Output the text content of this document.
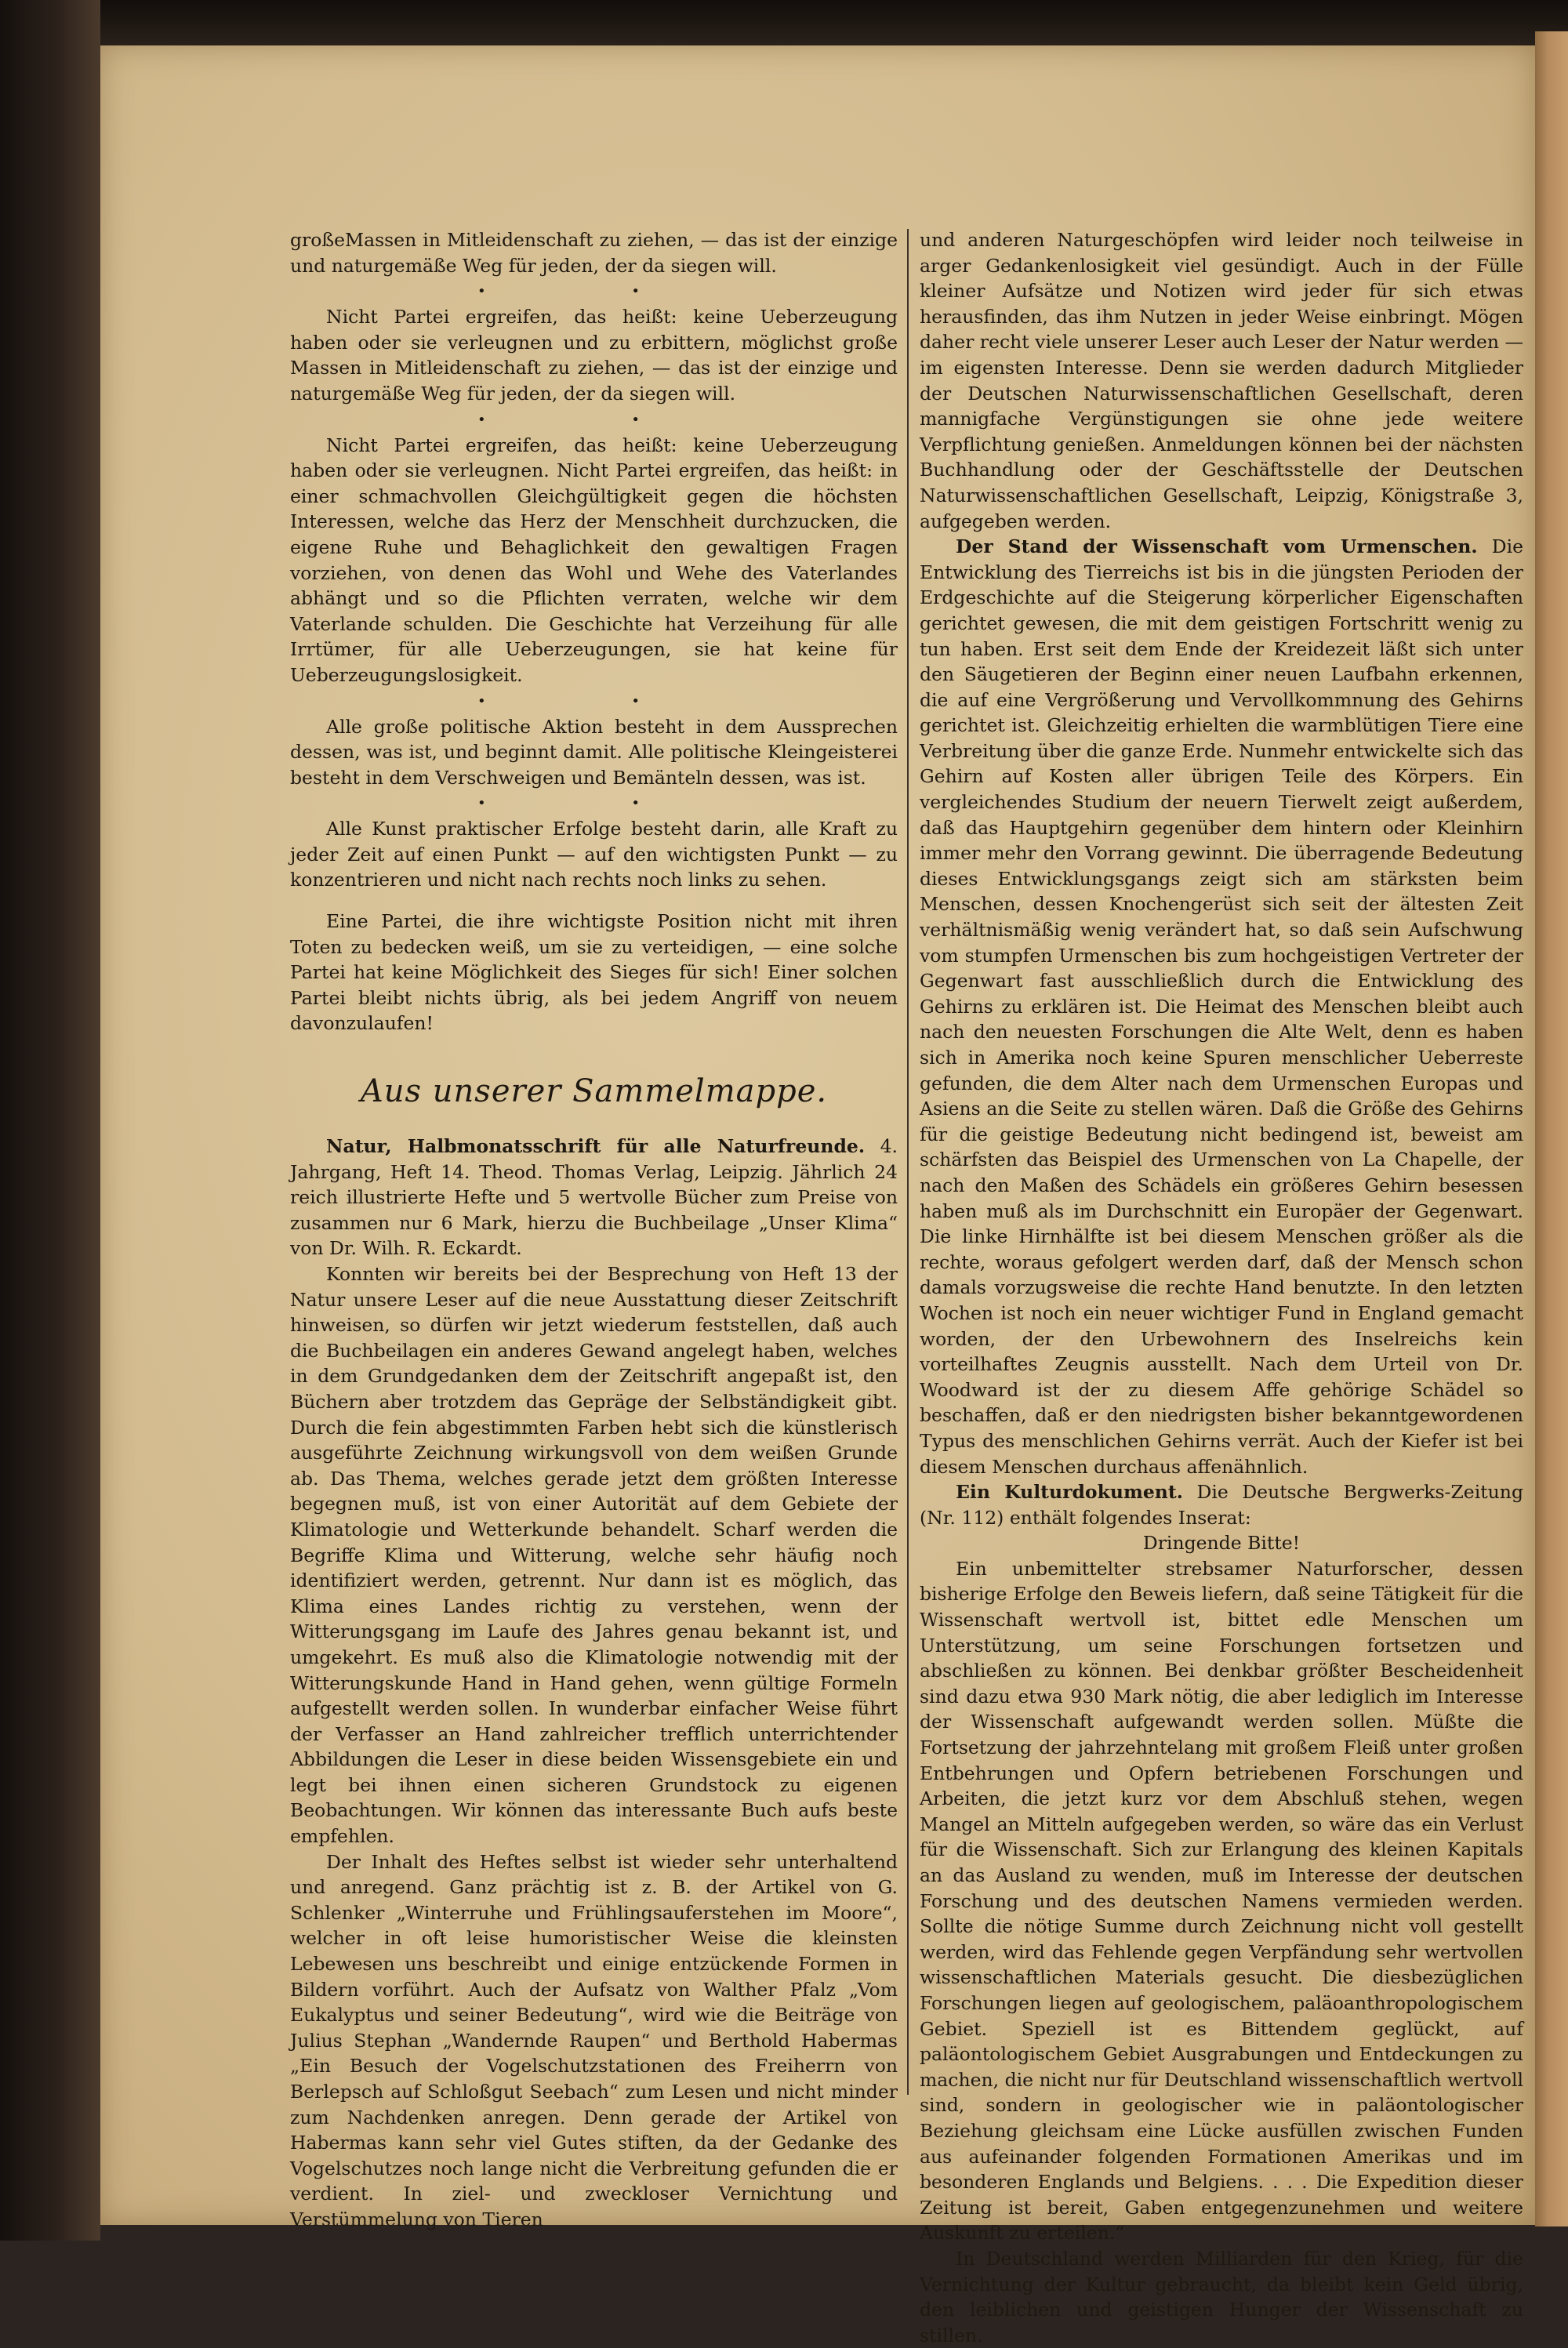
großeMassen in Mitleidenschaft zu ziehen, — das ist der einzige und naturgemäße Weg für jeden, der da siegen will.

• •

Nicht Partei ergreifen, das heißt: keine Ueberzeugung haben oder sie verleugnen und zu erbittern, möglichst große Massen in Mitleidenschaft zu ziehen, — das ist der einzige und naturgemäße Weg für jeden, der da siegen will.

• •

Nicht Partei ergreifen, das heißt: keine Ueberzeugung haben oder sie verleugnen. Nicht Partei ergreifen, das heißt: in einer schmachvollen Gleichgültigkeit gegen die höchsten Interessen, welche das Herz der Menschheit durchzucken, die eigene Ruhe und Behaglichkeit den gewaltigen Fragen vorziehen, von denen das Wohl und Wehe des Vaterlandes abhängt und so die Pflichten verraten, welche wir dem Vaterlande schulden. Die Geschichte hat Verzeihung für alle Irrtümer, für alle Ueberzeugungen, sie hat keine für Ueberzeugungslosigkeit.

• •

Alle große politische Aktion besteht in dem Aussprechen dessen, was ist, und beginnt damit. Alle politische Kleingeisterei besteht in dem Verschweigen und Bemänteln dessen, was ist.

• •

Alle Kunst praktischer Erfolge besteht darin, alle Kraft zu jeder Zeit auf einen Punkt — auf den wichtigsten Punkt — zu konzentrieren und nicht nach rechts noch links zu sehen.

Eine Partei, die ihre wichtigste Position nicht mit ihren Toten zu bedecken weiß, um sie zu verteidigen, — eine solche Partei hat keine Möglichkeit des Sieges für sich! Einer solchen Partei bleibt nichts übrig, als bei jedem Angriff von neuem davonzulaufen!

Aus unserer Sammelmappe.

Natur, Halbmonatsschrift für alle Naturfreunde. 4. Jahrgang, Heft 14. Theod. Thomas Verlag, Leipzig. Jährlich 24 reich illustrierte Hefte und 5 wertvolle Bücher zum Preise von zusammen nur 6 Mark, hierzu die Buchbeilage „Unser Klima“ von Dr. Wilh. R. Eckardt.

Konnten wir bereits bei der Besprechung von Heft 13 der Natur unsere Leser auf die neue Ausstattung dieser Zeitschrift hinweisen, so dürfen wir jetzt wiederum feststellen, daß auch die Buchbeilagen ein anderes Gewand angelegt haben, welches in dem Grundgedanken dem der Zeitschrift angepaßt ist, den Büchern aber trotzdem das Gepräge der Selbständigkeit gibt. Durch die fein abgestimmten Farben hebt sich die künstlerisch ausgeführte Zeichnung wirkungsvoll von dem weißen Grunde ab. Das Thema, welches gerade jetzt dem größten Interesse begegnen muß, ist von einer Autorität auf dem Gebiete der Klimatologie und Wetterkunde behandelt. Scharf werden die Begriffe Klima und Witterung, welche sehr häufig noch identifiziert werden, getrennt. Nur dann ist es möglich, das Klima eines Landes richtig zu verstehen, wenn der Witterungsgang im Laufe des Jahres genau bekannt ist, und umgekehrt. Es muß also die Klimatologie notwendig mit der Witterungskunde Hand in Hand gehen, wenn gültige Formeln aufgestellt werden sollen. In wunderbar einfacher Weise führt der Verfasser an Hand zahlreicher trefflich unterrichtender Abbildungen die Leser in diese beiden Wissensgebiete ein und legt bei ihnen einen sicheren Grundstock zu eigenen Beobachtungen. Wir können das interessante Buch aufs beste empfehlen.

Der Inhalt des Heftes selbst ist wieder sehr unterhaltend und anregend. Ganz prächtig ist z. B. der Artikel von G. Schlenker „Winterruhe und Frühlingsauferstehen im Moore“, welcher in oft leise humoristischer Weise die kleinsten Lebewesen uns beschreibt und einige entzückende Formen in Bildern vorführt. Auch der Aufsatz von Walther Pfalz „Vom Eukalyptus und seiner Bedeutung“, wird wie die Beiträge von Julius Stephan „Wandernde Raupen“ und Berthold Habermas „Ein Besuch der Vogelschutzstationen des Freiherrn von Berlepsch auf Schloßgut Seebach“ zum Lesen und nicht minder zum Nachdenken anregen. Denn gerade der Artikel von Habermas kann sehr viel Gutes stiften, da der Gedanke des Vogelschutzes noch lange nicht die Verbreitung gefunden die er verdient. In ziel- und zweckloser Vernichtung und Verstümmelung von Tieren

und anderen Naturgeschöpfen wird leider noch teilweise in arger Gedankenlosigkeit viel gesündigt. Auch in der Fülle kleiner Aufsätze und Notizen wird jeder für sich etwas herausfinden, das ihm Nutzen in jeder Weise einbringt. Mögen daher recht viele unserer Leser auch Leser der Natur werden — im eigensten Interesse. Denn sie werden dadurch Mitglieder der Deutschen Naturwissenschaftlichen Gesellschaft, deren mannigfache Vergünstigungen sie ohne jede weitere Verpflichtung genießen. Anmeldungen können bei der nächsten Buchhandlung oder der Geschäftsstelle der Deutschen Naturwissenschaftlichen Gesellschaft, Leipzig, Königstraße 3, aufgegeben werden.

Der Stand der Wissenschaft vom Urmenschen. Die Entwicklung des Tierreichs ist bis in die jüngsten Perioden der Erdgeschichte auf die Steigerung körperlicher Eigenschaften gerichtet gewesen, die mit dem geistigen Fortschritt wenig zu tun haben. Erst seit dem Ende der Kreidezeit läßt sich unter den Säugetieren der Beginn einer neuen Laufbahn erkennen, die auf eine Vergrößerung und Vervollkommnung des Gehirns gerichtet ist. Gleichzeitig erhielten die warmblütigen Tiere eine Verbreitung über die ganze Erde. Nunmehr entwickelte sich das Gehirn auf Kosten aller übrigen Teile des Körpers. Ein vergleichendes Studium der neuern Tierwelt zeigt außerdem, daß das Hauptgehirn gegenüber dem hintern oder Kleinhirn immer mehr den Vorrang gewinnt. Die überragende Bedeutung dieses Entwicklungsgangs zeigt sich am stärksten beim Menschen, dessen Knochengerüst sich seit der ältesten Zeit verhältnismäßig wenig verändert hat, so daß sein Aufschwung vom stumpfen Urmenschen bis zum hochgeistigen Vertreter der Gegenwart fast ausschließlich durch die Entwicklung des Gehirns zu erklären ist. Die Heimat des Menschen bleibt auch nach den neuesten Forschungen die Alte Welt, denn es haben sich in Amerika noch keine Spuren menschlicher Ueberreste gefunden, die dem Alter nach dem Urmenschen Europas und Asiens an die Seite zu stellen wären. Daß die Größe des Gehirns für die geistige Bedeutung nicht bedingend ist, beweist am schärfsten das Beispiel des Urmenschen von La Chapelle, der nach den Maßen des Schädels ein größeres Gehirn besessen haben muß als im Durchschnitt ein Europäer der Gegenwart. Die linke Hirnhälfte ist bei diesem Menschen größer als die rechte, woraus gefolgert werden darf, daß der Mensch schon damals vorzugsweise die rechte Hand benutzte. In den letzten Wochen ist noch ein neuer wichtiger Fund in England gemacht worden, der den Urbewohnern des Inselreichs kein vorteilhaftes Zeugnis ausstellt. Nach dem Urteil von Dr. Woodward ist der zu diesem Affe gehörige Schädel so beschaffen, daß er den niedrigsten bisher bekanntgewordenen Typus des menschlichen Gehirns verrät. Auch der Kiefer ist bei diesem Menschen durchaus affenähnlich.

Ein Kulturdokument. Die Deutsche Bergwerks-Zeitung (Nr. 112) enthält folgendes Inserat:

Dringende Bitte!

Ein unbemittelter strebsamer Naturforscher, dessen bisherige Erfolge den Beweis liefern, daß seine Tätigkeit für die Wissenschaft wertvoll ist, bittet edle Menschen um Unterstützung, um seine Forschungen fortsetzen und abschließen zu können. Bei denkbar größter Bescheidenheit sind dazu etwa 930 Mark nötig, die aber lediglich im Interesse der Wissenschaft aufgewandt werden sollen. Müßte die Fortsetzung der jahrzehntelang mit großem Fleiß unter großen Entbehrungen und Opfern betriebenen Forschungen und Arbeiten, die jetzt kurz vor dem Abschluß stehen, wegen Mangel an Mitteln aufgegeben werden, so wäre das ein Verlust für die Wissenschaft. Sich zur Erlangung des kleinen Kapitals an das Ausland zu wenden, muß im Interesse der deutschen Forschung und des deutschen Namens vermieden werden. Sollte die nötige Summe durch Zeichnung nicht voll gestellt werden, wird das Fehlende gegen Verpfändung sehr wertvollen wissenschaftlichen Materials gesucht. Die diesbezüglichen Forschungen liegen auf geologischem, paläoanthropologischem Gebiet. Speziell ist es Bittendem geglückt, auf paläontologischem Gebiet Ausgrabungen und Entdeckungen zu machen, die nicht nur für Deutschland wissenschaftlich wertvoll sind, sondern in geologischer wie in paläontologischer Beziehung gleichsam eine Lücke ausfüllen zwischen Funden aus aufeinander folgenden Formationen Amerikas und im besonderen Englands und Belgiens. . . . Die Expedition dieser Zeitung ist bereit, Gaben entgegenzunehmen und weitere Auskunft zu erteilen.“

In Deutschland werden Milliarden für den Krieg, für die Vernichtung der Kultur gebraucht, da bleibt kein Geld übrig, den leiblichen und geistigen Hunger der Wissenschaft zu stillen.
